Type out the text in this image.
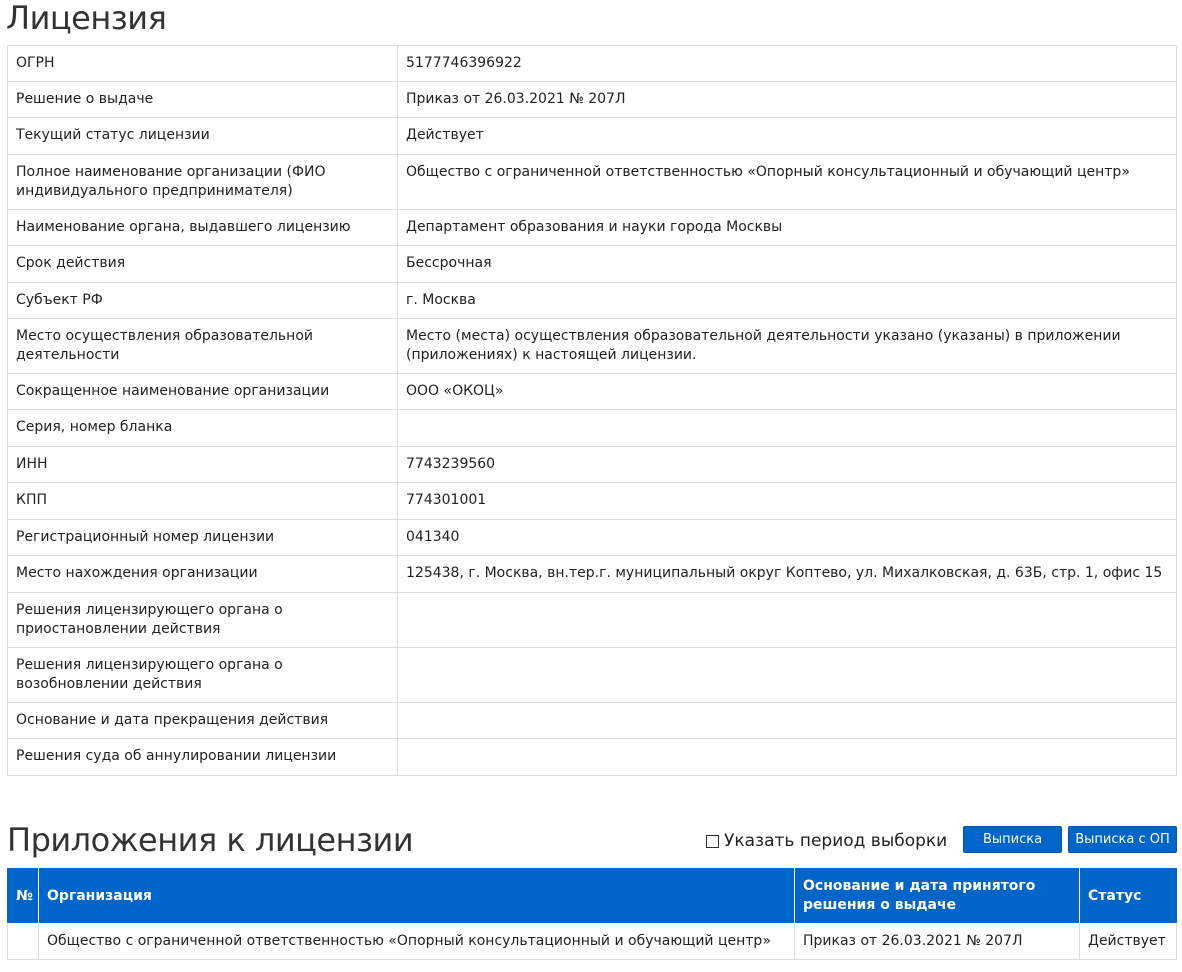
Лицензия
ОГРН	5177746396922
Решение о выдаче	Приказ от 26.03.2021 № 207Л
Текущий статус лицензии	Действует
Полное наименование организации (ФИО индивидуального предпринимателя)	Общество с ограниченной ответственностью «Опорный консультационный и обучающий центр»
Наименование органа, выдавшего лицензию	Департамент образования и науки города Москвы
Срок действия	Бессрочная
Субъект РФ	г. Москва
Место осуществления образовательной деятельности	Место (места) осуществления образовательной деятельности указано (указаны) в приложении (приложениях) к настоящей лицензии.
Сокращенное наименование организации	ООО «ОКОЦ»
Серия, номер бланка	
ИНН	7743239560
КПП	774301001
Регистрационный номер лицензии	041340
Место нахождения организации	125438, г. Москва, вн.тер.г. муниципальный округ Коптево, ул. Михалковская, д. 63Б, стр. 1, офис 15
Решения лицензирующего органа о приостановлении действия	
Решения лицензирующего органа о возобновлении действия	
Основание и дата прекращения действия	
Решения суда об аннулировании лицензии	
Приложения к лицензии	Указать период выборки	Выписка	Выписка с ОП
№	Организация	Основание и дата принятого решения о выдаче	Статус
	Общество с ограниченной ответственностью «Опорный консультационный и обучающий центр»	Приказ от 26.03.2021 № 207Л	Действует
